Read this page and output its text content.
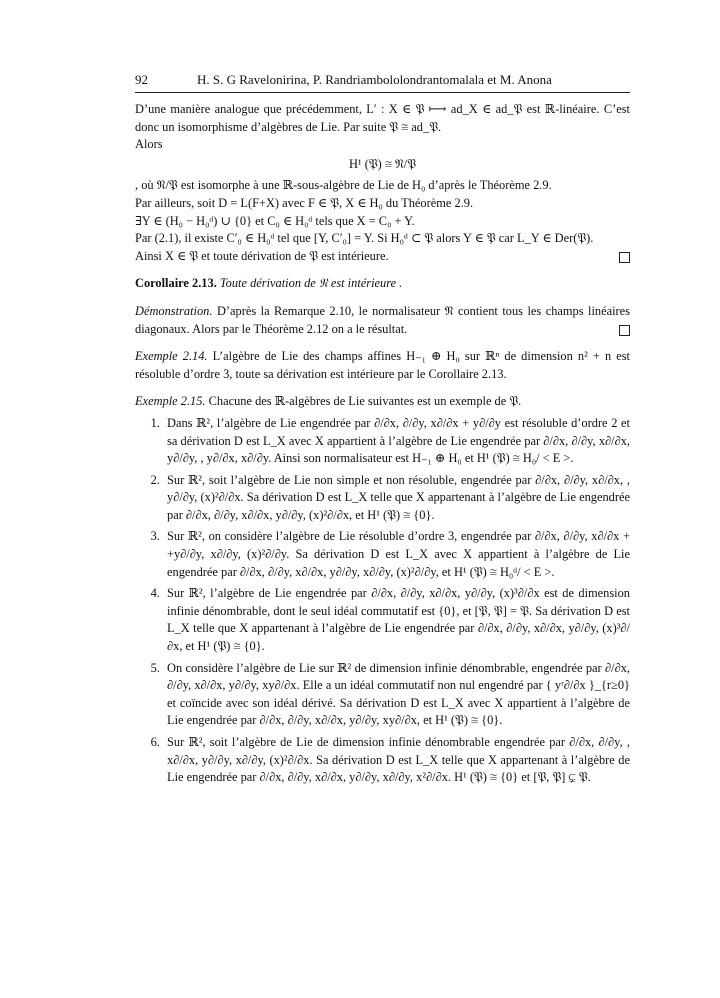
92	H. S. G Ravelonirina, P. Randriambololondrantomalala et M. Anona

D’une manière analogue que précédemment, L′ : X ∈ 𝔓 ⟼ ad_X ∈ ad_𝔓 est ℝ-linéaire. C’est donc un isomorphisme d’algèbres de Lie. Par suite 𝔓 ≅ ad_𝔓.

Alors

H¹ (𝔓) ≅ 𝔑/𝔓

, où 𝔑/𝔓 est isomorphe à une ℝ-sous-algèbre de Lie de H₀ d’après le Théorème 2.9.

Par ailleurs, soit D = L(F+X) avec F ∈ 𝔓, X ∈ H₀ du Théorème 2.9.

∃Y ∈ (H₀ − H₀ᵈ) ∪ {0} et C₀ ∈ H₀ᵈ tels que X = C₀ + Y.

Par (2.1), il existe C′₀ ∈ H₀ᵈ tel que [Y, C′₀] = Y. Si H₀ᵈ ⊂ 𝔓 alors Y ∈ 𝔓 car L_Y ∈ Der(𝔓).

Ainsi X ∈ 𝔓 et toute dérivation de 𝔓 est intérieure.

Corollaire 2.13. Toute dérivation de 𝔑 est intérieure .

Démonstration. D’après la Remarque 2.10, le normalisateur 𝔑 contient tous les champs linéaires diagonaux. Alors par le Théorème 2.12 on a le résultat.

Exemple 2.14. L’algèbre de Lie des champs affines H₋₁ ⊕ H₀ sur ℝⁿ de dimension n² + n est résoluble d’ordre 3, toute sa dérivation est intérieure par le Corollaire 2.13.

Exemple 2.15. Chacune des ℝ-algèbres de Lie suivantes est un exemple de 𝔓.

1. Dans ℝ², l’algèbre de Lie engendrée par ∂/∂x, ∂/∂y, x∂/∂x + y∂/∂y est résoluble d’ordre 2 et sa dérivation D est L_X avec X appartient à l’algèbre de Lie engendrée par ∂/∂x, ∂/∂y, x∂/∂x, y∂/∂y, , y∂/∂x, x∂/∂y. Ainsi son normalisateur est H₋₁ ⊕ H₀ et H¹ (𝔓) ≅ H₀/ < E >.
2. Sur ℝ², soit l’algèbre de Lie non simple et non résoluble, engendrée par ∂/∂x, ∂/∂y, x∂/∂x, , y∂/∂y, (x)²∂/∂x. Sa dérivation D est L_X telle que X appartenant à l’algèbre de Lie engendrée par ∂/∂x, ∂/∂y, x∂/∂x, y∂/∂y, (x)²∂/∂x, et H¹ (𝔓) ≅ {0}.
3. Sur ℝ², on considère l’algèbre de Lie résoluble d’ordre 3, engendrée par ∂/∂x, ∂/∂y, x∂/∂x + +y∂/∂y, x∂/∂y, (x)²∂/∂y. Sa dérivation D est L_X avec X appartient à l’algèbre de Lie engendrée par ∂/∂x, ∂/∂y, x∂/∂x, y∂/∂y, x∂/∂y, (x)²∂/∂y, et H¹ (𝔓) ≅ H₀ᵈ/ < E >.
4. Sur ℝ², l’algèbre de Lie engendrée par ∂/∂x, ∂/∂y, x∂/∂x, y∂/∂y, (x)³∂/∂x est de dimension infinie dénombrable, dont le seul idéal commutatif est {0}, et [𝔓, 𝔓] = 𝔓. Sa dérivation D est L_X telle que X appartenant à l’algèbre de Lie engendrée par ∂/∂x, ∂/∂y, x∂/∂x, y∂/∂y, (x)³∂/∂x, et H¹ (𝔓) ≅ {0}.
5. On considère l’algèbre de Lie sur ℝ² de dimension infinie dénombrable, engendrée par ∂/∂x, ∂/∂y, x∂/∂x, y∂/∂y, xy∂/∂x. Elle a un idéal commutatif non nul engendré par { yʳ∂/∂x }_{r≥0} et coïncide avec son idéal dérivé. Sa dérivation D est L_X avec X appartient à l’algèbre de Lie engendrée par ∂/∂x, ∂/∂y, x∂/∂x, y∂/∂y, xy∂/∂x, et H¹ (𝔓) ≅ {0}.
6. Sur ℝ², soit l’algèbre de Lie de dimension infinie dénombrable engendrée par ∂/∂x, ∂/∂y, , x∂/∂x, y∂/∂y, x∂/∂y, (x)²∂/∂x. Sa dérivation D est L_X telle que X appartenant à l’algèbre de Lie engendrée par ∂/∂x, ∂/∂y, x∂/∂x, y∂/∂y, x∂/∂y, x²∂/∂x. H¹ (𝔓) ≅ {0} et [𝔓, 𝔓] ⊊ 𝔓.
